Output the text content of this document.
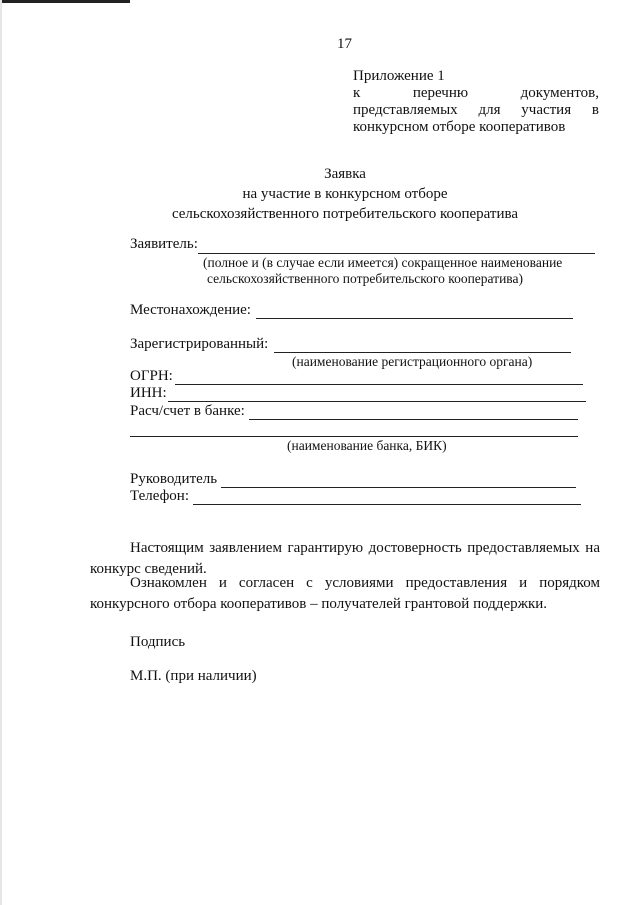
17
Приложение 1
к перечню документов,
представляемых для участия в
конкурсном отборе кооперативов
Заявка
на участие в конкурсном отборе
сельскохозяйственного потребительского кооператива
Заявитель:
(полное и (в случае если имеется) сокращенное наименование
сельскохозяйственного потребительского кооператива)
Местонахождение:
Зарегистрированный:
(наименование регистрационного органа)
ОГРН:
ИНН:
Расч/счет в банке:
(наименование банка, БИК)
Руководитель
Телефон:
Настоящим заявлением гарантирую достоверность предоставляемых на
конкурс сведений.
Ознакомлен и согласен с условиями предоставления и порядком
конкурсного отбора кооперативов – получателей грантовой поддержки.
Подпись
М.П. (при наличии)
